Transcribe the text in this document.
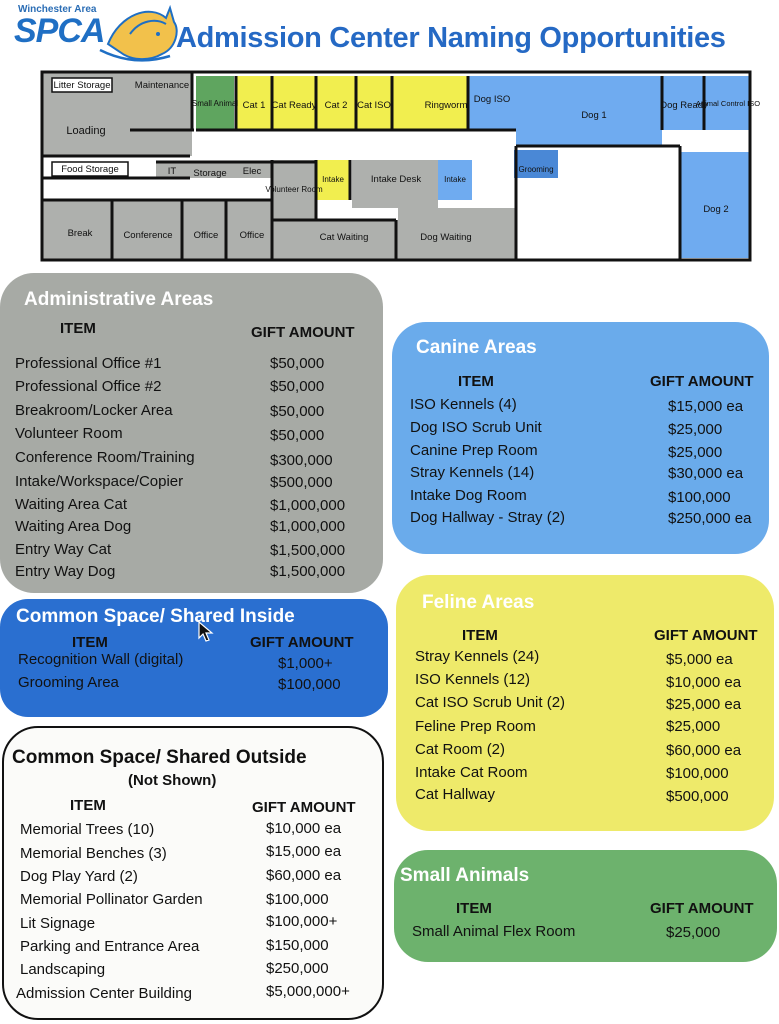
Winchester Area
SPCA Admission Center Naming Opportunities
Litter Storage	Maintenance
Loading
Small Animal Cat 1 Cat Ready Cat 2 Cat ISO	Ringworm
Dog ISO
Dog 1
Dog Ready
Animal Control ISO
Food Storage	IT Storage Elec
Volunteer Room
Intake	Intake Desk	Intake
Grooming
Dog 2
Break	Conference Office Office	Cat Waiting	Dog Waiting
Administrative Areas
ITEM	GIFT AMOUNT
Professional Office #1	$50,000
Professional Office #2	$50,000
Breakroom/Locker Area	$50,000
Volunteer Room	$50,000
Conference Room/Training	$300,000
Intake/Workspace/Copier	$500,000
Waiting Area Cat	$1,000,000
Waiting Area Dog	$1,000,000
Entry Way Cat	$1,500,000
Entry Way Dog	$1,500,000
Canine Areas
ITEM	GIFT AMOUNT
ISO Kennels (4)	$15,000 ea
Dog ISO Scrub Unit	$25,000
Canine Prep Room	$25,000
Stray Kennels (14)	$30,000 ea
Intake Dog Room	$100,000
Dog Hallway - Stray (2)	$250,000 ea
Common Space/ Shared Inside
ITEM	GIFT AMOUNT
Recognition Wall (digital)	$1,000+
Grooming Area	$100,000
Feline Areas
ITEM	GIFT AMOUNT
Stray Kennels (24)	$5,000 ea
ISO Kennels (12)	$10,000 ea
Cat ISO Scrub Unit (2)	$25,000 ea
Feline Prep Room	$25,000
Cat Room (2)	$60,000 ea
Intake Cat Room	$100,000
Cat Hallway	$500,000
Common Space/ Shared Outside
(Not Shown)
ITEM	GIFT AMOUNT
Memorial Trees (10)	$10,000 ea
Memorial Benches (3)	$15,000 ea
Dog Play Yard (2)	$60,000 ea
Memorial Pollinator Garden	$100,000
Lit Signage	$100,000+
Parking and Entrance Area	$150,000
Landscaping	$250,000
Admission Center Building	$5,000,000+
Small Animals
ITEM	GIFT AMOUNT
Small Animal Flex Room	$25,000
